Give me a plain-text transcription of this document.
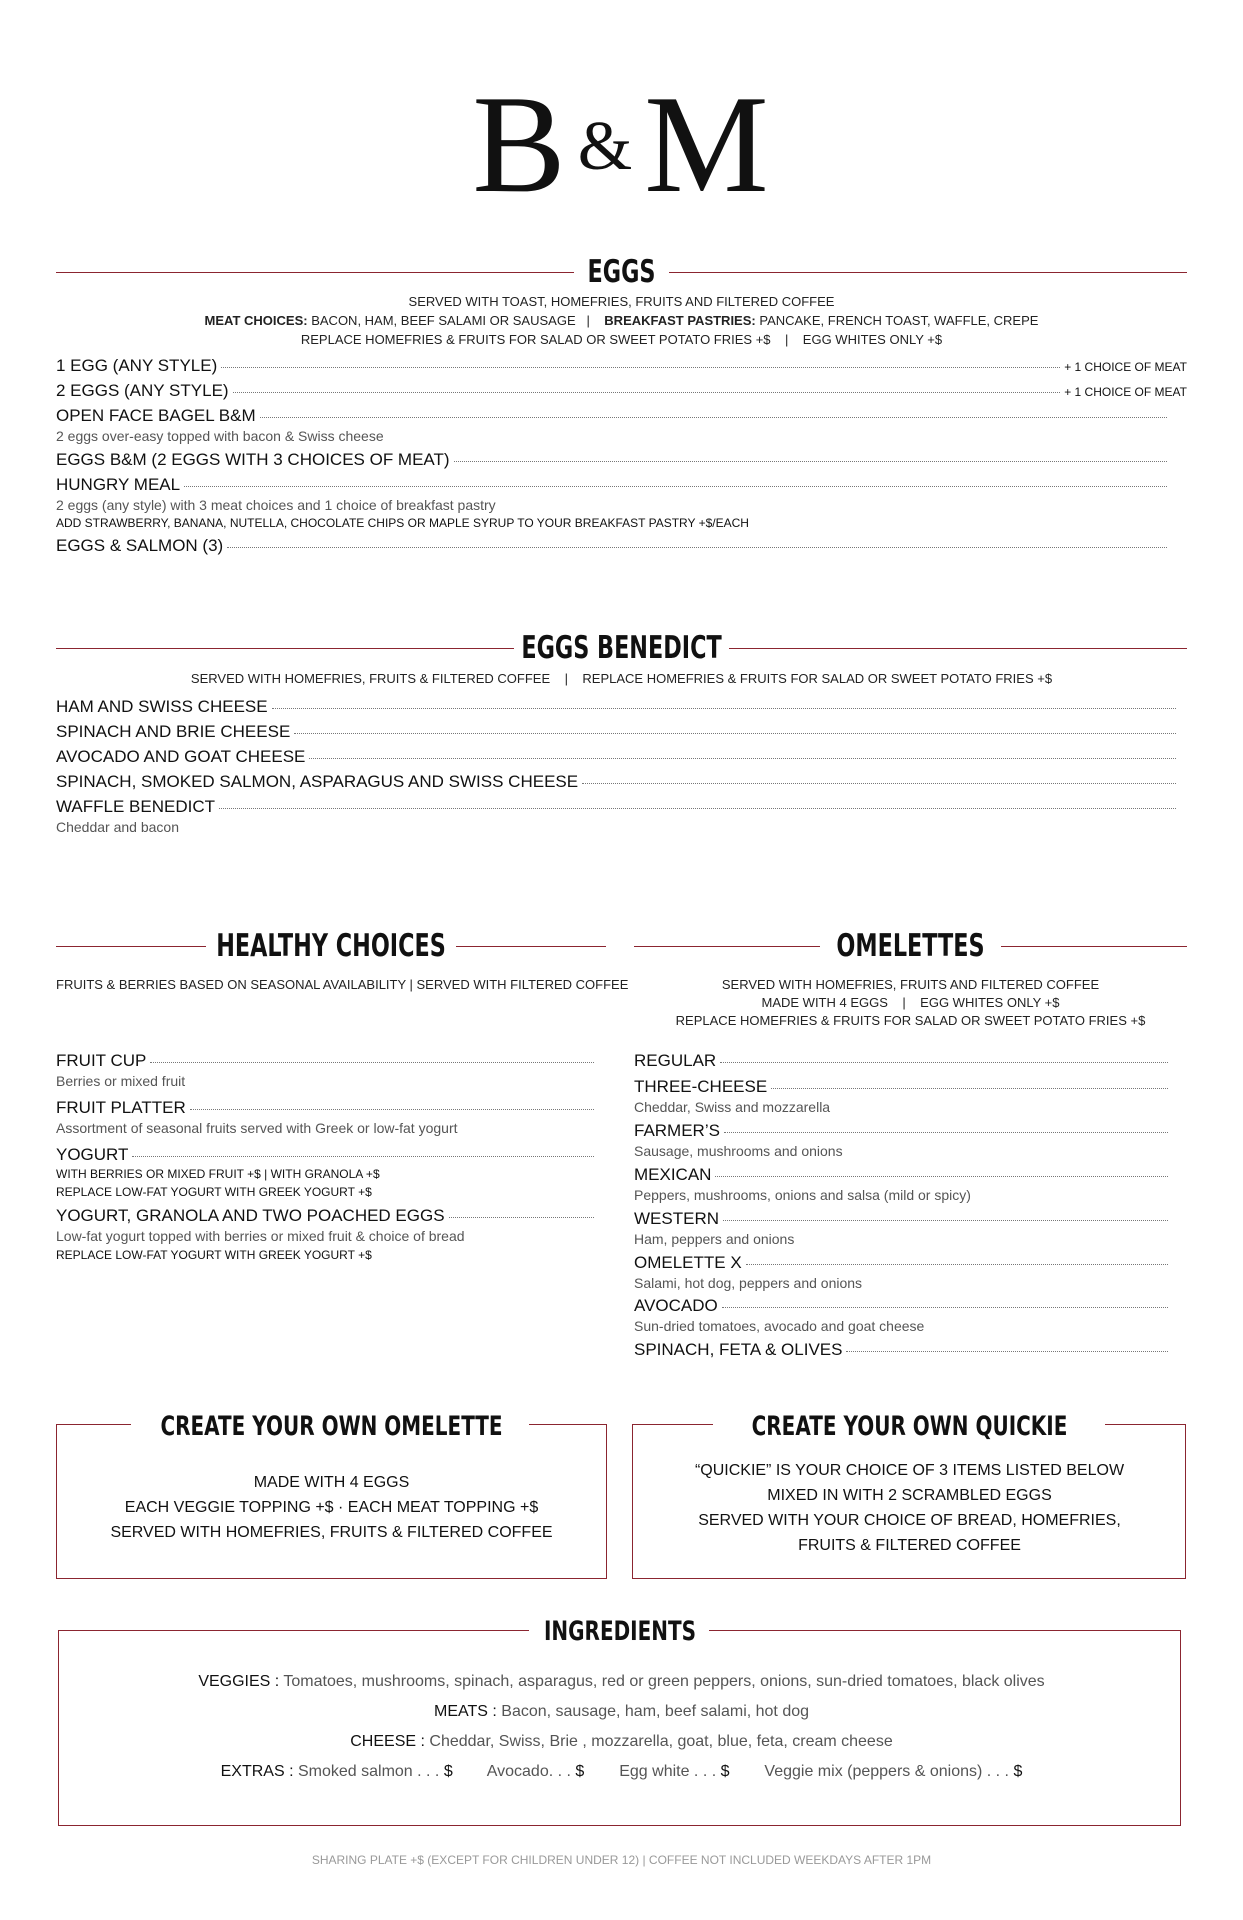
B &M
EGGS
SERVED WITH TOAST, HOMEFRIES, FRUITS AND FILTERED COFFEE
MEAT CHOICES: BACON, HAM, BEEF SALAMI OR SAUSAGE   |    BREAKFAST PASTRIES: PANCAKE, FRENCH TOAST, WAFFLE, CREPE
REPLACE HOMEFRIES & FRUITS FOR SALAD OR SWEET POTATO FRIES +$    |    EGG WHITES ONLY +$
1 EGG (ANY STYLE)	+ 1 CHOICE OF MEAT
2 EGGS (ANY STYLE)	+ 1 CHOICE OF MEAT
OPEN FACE BAGEL B&M
2 eggs over-easy topped with bacon & Swiss cheese
EGGS B&M (2 EGGS WITH 3 CHOICES OF MEAT)
HUNGRY MEAL
2 eggs (any style) with 3 meat choices and 1 choice of breakfast pastry
ADD STRAWBERRY, BANANA, NUTELLA, CHOCOLATE CHIPS OR MAPLE SYRUP TO YOUR BREAKFAST PASTRY +$/EACH
EGGS & SALMON (3)
EGGS BENEDICT
SERVED WITH HOMEFRIES, FRUITS & FILTERED COFFEE    |    REPLACE HOMEFRIES & FRUITS FOR SALAD OR SWEET POTATO FRIES +$
HAM AND SWISS CHEESE
SPINACH AND BRIE CHEESE
AVOCADO AND GOAT CHEESE
SPINACH, SMOKED SALMON, ASPARAGUS AND SWISS CHEESE
WAFFLE BENEDICT
Cheddar and bacon
HEALTHY CHOICES
FRUITS & BERRIES BASED ON SEASONAL AVAILABILITY | SERVED WITH FILTERED COFFEE
FRUIT CUP
Berries or mixed fruit
FRUIT PLATTER
Assortment of seasonal fruits served with Greek or low-fat yogurt
YOGURT
WITH BERRIES OR MIXED FRUIT +$ | WITH GRANOLA +$
REPLACE LOW-FAT YOGURT WITH GREEK YOGURT +$
YOGURT, GRANOLA AND TWO POACHED EGGS
Low-fat yogurt topped with berries or mixed fruit & choice of bread
REPLACE LOW-FAT YOGURT WITH GREEK YOGURT +$
OMELETTES
SERVED WITH HOMEFRIES, FRUITS AND FILTERED COFFEE
MADE WITH 4 EGGS    |    EGG WHITES ONLY +$
REPLACE HOMEFRIES & FRUITS FOR SALAD OR SWEET POTATO FRIES +$
REGULAR
THREE-CHEESE
Cheddar, Swiss and mozzarella
FARMER’S
Sausage, mushrooms and onions
MEXICAN
Peppers, mushrooms, onions and salsa (mild or spicy)
WESTERN
Ham, peppers and onions
OMELETTE X
Salami, hot dog, peppers and onions
AVOCADO
Sun-dried tomatoes, avocado and goat cheese
SPINACH, FETA & OLIVES
CREATE YOUR OWN OMELETTE
MADE WITH 4 EGGS
EACH VEGGIE TOPPING +$ · EACH MEAT TOPPING +$
SERVED WITH HOMEFRIES, FRUITS & FILTERED COFFEE
CREATE YOUR OWN QUICKIE
“QUICKIE” IS YOUR CHOICE OF 3 ITEMS LISTED BELOW
MIXED IN WITH 2 SCRAMBLED EGGS
SERVED WITH YOUR CHOICE OF BREAD, HOMEFRIES,
FRUITS & FILTERED COFFEE
INGREDIENTS
VEGGIES : Tomatoes, mushrooms, spinach, asparagus, red or green peppers, onions, sun-dried tomatoes, black olives
MEATS : Bacon, sausage, ham, beef salami, hot dog
CHEESE : Cheddar, Swiss, Brie , mozzarella, goat, blue, feta, cream cheese
EXTRAS : Smoked salmon . . . $ Avocado. . . $ Egg white . . . $ Veggie mix (peppers & onions) . . . $
SHARING PLATE +$ (EXCEPT FOR CHILDREN UNDER 12) | COFFEE NOT INCLUDED WEEKDAYS AFTER 1PM
